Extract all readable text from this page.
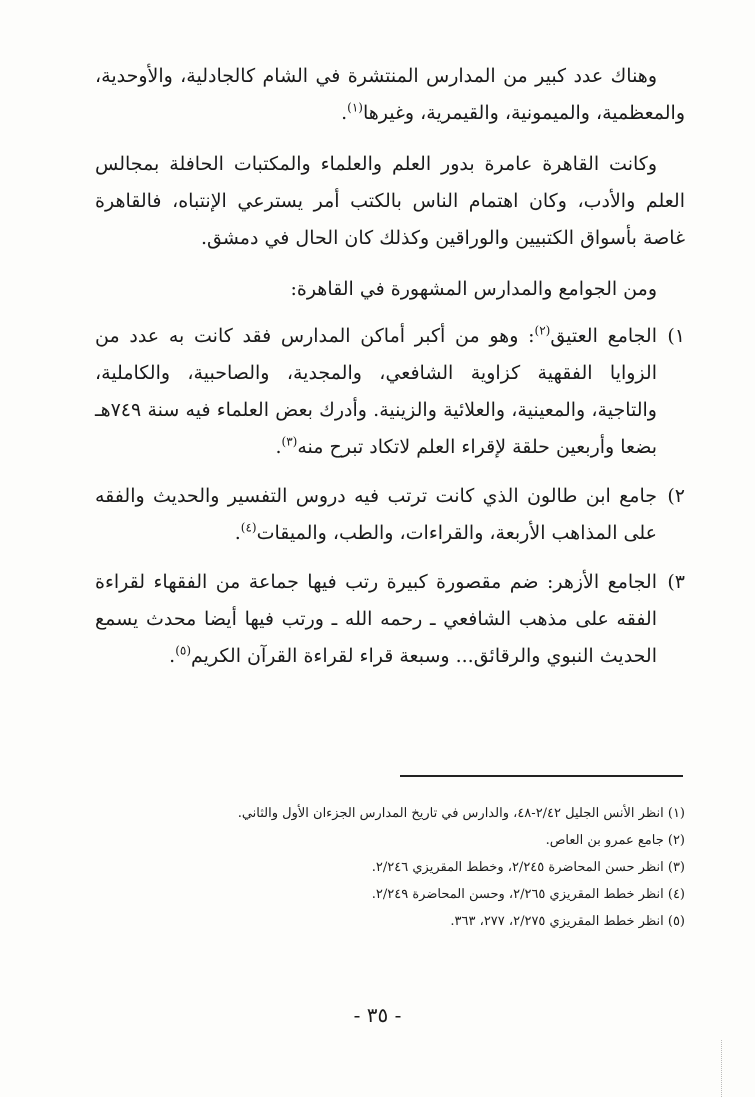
وهناك عدد كبير من المدارس المنتشرة في الشام كالجادلية، والأوحدية، والمعظمية، والميمونية، والقيمرية، وغيرها$^{(١)}$.

وكانت القاهرة عامرة بدور العلم والعلماء والمكتبات الحافلة بمجالس العلم والأدب، وكان اهتمام الناس بالكتب أمر يسترعي الإنتباه، فالقاهرة غاصة بأسواق الكتبيين والوراقين وكذلك كان الحال في دمشق.

ومن الجوامع والمدارس المشهورة في القاهرة:

١)
الجامع العتيق$^{(٢)}$: وهو من أكبر أماكن المدارس فقد كانت به عدد من الزوايا الفقهية كزاوية الشافعي، والمجدية، والصاحبية، والكاملية، والتاجية، والمعينية، والعلائية والزينية. وأدرك بعض العلماء فيه سنة ٧٤٩هـ بضعا وأربعين حلقة لإقراء العلم لاتكاد تبرح منه$^{(٣)}$.
٢)
جامع ابن طالون الذي كانت ترتب فيه دروس التفسير والحديث والفقه على المذاهب الأربعة، والقراءات، والطب، والميقات$^{(٤)}$.
٣)
الجامع الأزهر: ضم مقصورة كبيرة رتب فيها جماعة من الفقهاء لقراءة الفقه على مذهب الشافعي ـ رحمه الله ـ ورتب فيها أيضا محدث يسمع الحديث النبوي والرقائق... وسبعة قراء لقراءة القرآن الكريم$^{(٥)}$.

(١) انظر الأنس الجليل ٢/٤٢-٤٨، والدارس في تاريخ المدارس الجزءان الأول والثاني.

(٢) جامع عمرو بن العاص.

(٣) انظر حسن المحاضرة ٢/٢٤٥، وخطط المقريزي ٢/٢٤٦.

(٤) انظر خطط المقريزي ٢/٢٦٥، وحسن المحاضرة ٢/٢٤٩.

(٥) انظر خطط المقريزي ٢/٢٧٥، ٢٧٧، ٣٦٣.

- ٣٥ -
